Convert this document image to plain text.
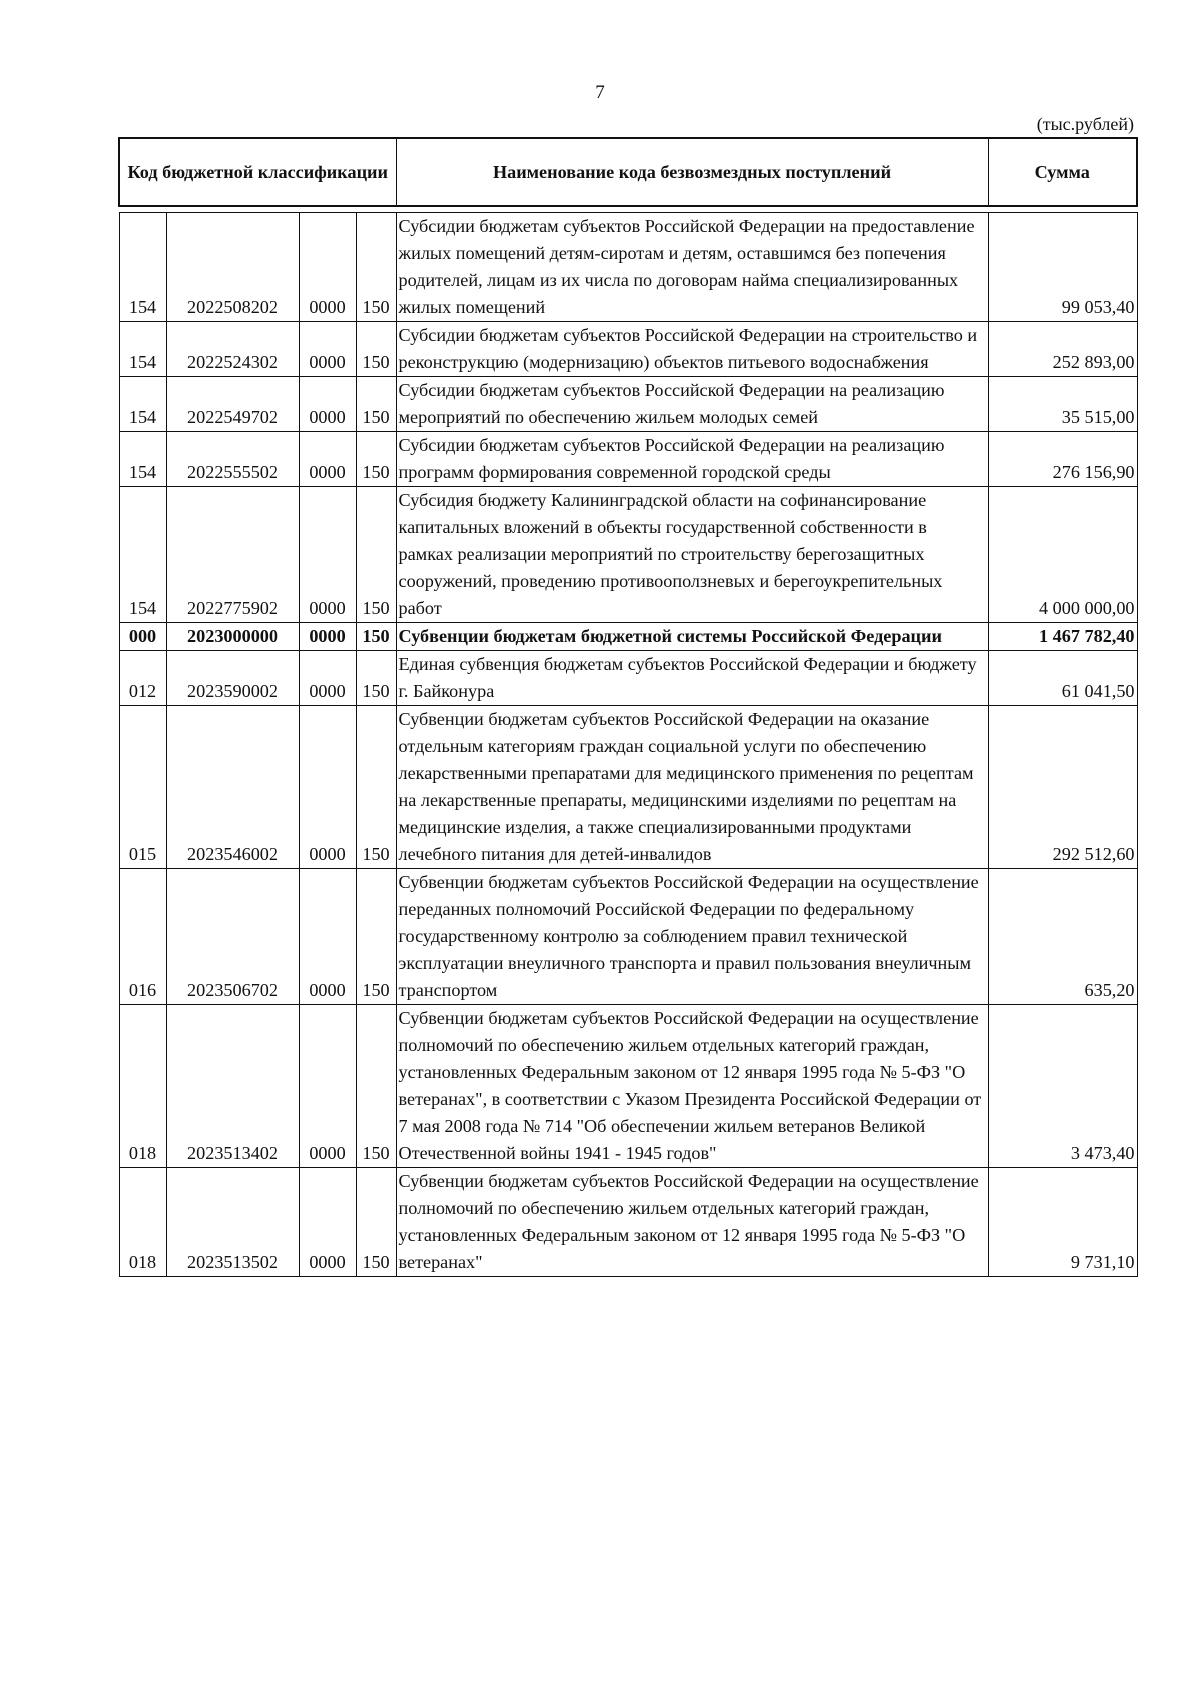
7
(тыс.рублей)
Код бюджетной классификации				Наименование кода безвозмездных поступлений	Сумма

154	2022508202	0000	150	Субсидии бюджетам субъектов Российской Федерации на предоставление жилых помещений детям-сиротам и детям, оставшимся без попечения родителей, лицам из их числа по договорам найма специализированных жилых помещений	99 053,40
154	2022524302	0000	150	Субсидии бюджетам субъектов Российской Федерации на строительство и реконструкцию (модернизацию) объектов питьевого водоснабжения	252 893,00
154	2022549702	0000	150	Субсидии бюджетам субъектов Российской Федерации на реализацию мероприятий по обеспечению жильем молодых семей	35 515,00
154	2022555502	0000	150	Субсидии бюджетам субъектов Российской Федерации на реализацию программ формирования современной городской среды	276 156,90
154	2022775902	0000	150	Субсидия бюджету Калининградской области на софинансирование капитальных вложений в объекты государственной собственности в рамках реализации мероприятий по строительству берегозащитных сооружений, проведению противооползневых и берегоукрепительных работ	4 000 000,00
000	2023000000	0000	150	Субвенции бюджетам бюджетной системы Российской Федерации	1 467 782,40
012	2023590002	0000	150	Единая субвенция бюджетам субъектов Российской Федерации и бюджету г. Байконура	61 041,50
015	2023546002	0000	150	Субвенции бюджетам субъектов Российской Федерации на оказание отдельным категориям граждан социальной услуги по обеспечению лекарственными препаратами для медицинского применения по рецептам на лекарственные препараты, медицинскими изделиями по рецептам на медицинские изделия, а также специализированными продуктами лечебного питания для детей-инвалидов	292 512,60
016	2023506702	0000	150	Субвенции бюджетам субъектов Российской Федерации на осуществление переданных полномочий Российской Федерации по федеральному государственному контролю за соблюдением правил технической эксплуатации внеуличного транспорта и правил пользования внеуличным транспортом	635,20
018	2023513402	0000	150	Субвенции бюджетам субъектов Российской Федерации на осуществление полномочий по обеспечению жильем отдельных категорий граждан, установленных Федеральным законом от 12 января 1995 года № 5-ФЗ "О ветеранах", в соответствии с Указом Президента Российской Федерации от 7 мая 2008 года № 714 "Об обеспечении жильем ветеранов Великой Отечественной войны 1941 - 1945 годов"	3 473,40
018	2023513502	0000	150	Субвенции бюджетам субъектов Российской Федерации на осуществление полномочий по обеспечению жильем отдельных категорий граждан, установленных Федеральным законом от 12 января 1995 года № 5-ФЗ "О ветеранах"	9 731,10
